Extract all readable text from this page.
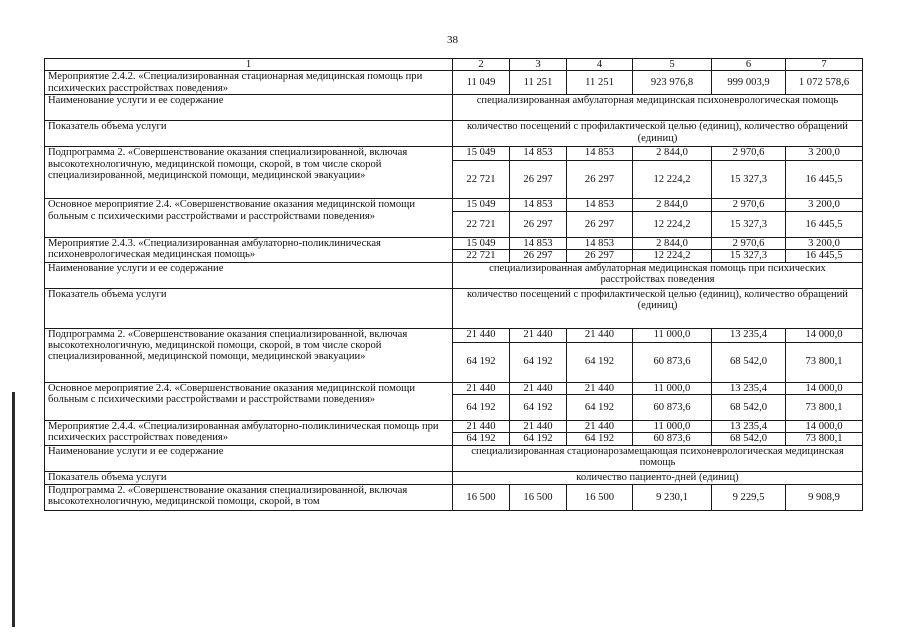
38
1	2	3	4	5	6	7
Мероприятие 2.4.2. «Специализированная стационарная медицинская помощь при психических расстройствах поведения»	11 049	11 251	11 251	923 976,8	999 003,9	1 072 578,6
Наименование услуги и ее содержание	специализированная амбулаторная медицинская психоневрологическая помощь					
Показатель объема услуги	количество посещений с профилактической целью (единиц), количество обращений (единиц)					
Подпрограмма 2. «Совершенствование оказания специализированной, включая высокотехнологичную, медицинской помощи, скорой, в том числе скорой специализированной, медицинской помощи, медицинской эвакуации»	15 049	14 853	14 853	2 844,0	2 970,6	3 200,0
	22 721	26 297	26 297	12 224,2	15 327,3	16 445,5
Основное мероприятие 2.4. «Совершенствование оказания медицинской помощи больным с психическими расстройствами и расстройствами поведения»	15 049	14 853	14 853	2 844,0	2 970,6	3 200,0
	22 721	26 297	26 297	12 224,2	15 327,3	16 445,5
Мероприятие 2.4.3. «Специализированная амбулаторно-поликлиническая психоневрологическая медицинская помощь»	15 049	14 853	14 853	2 844,0	2 970,6	3 200,0
	22 721	26 297	26 297	12 224,2	15 327,3	16 445,5
Наименование услуги и ее содержание	специализированная амбулаторная медицинская помощь при психических расстройствах поведения					
Показатель объема услуги	количество посещений с профилактической целью (единиц), количество обращений (единиц)					
Подпрограмма 2. «Совершенствование оказания специализированной, включая высокотехнологичную, медицинской помощи, скорой, в том числе скорой специализированной, медицинской помощи, медицинской эвакуации»	21 440	21 440	21 440	11 000,0	13 235,4	14 000,0
	64 192	64 192	64 192	60 873,6	68 542,0	73 800,1
Основное мероприятие 2.4. «Совершенствование оказания медицинской помощи больным с психическими расстройствами и расстройствами поведения»	21 440	21 440	21 440	11 000,0	13 235,4	14 000,0
	64 192	64 192	64 192	60 873,6	68 542,0	73 800,1
Мероприятие 2.4.4. «Специализированная амбулаторно-поликлиническая помощь при психических расстройствах поведения»	21 440	21 440	21 440	11 000,0	13 235,4	14 000,0
	64 192	64 192	64 192	60 873,6	68 542,0	73 800,1
Наименование услуги и ее содержание	специализированная стационарозамещающая психоневрологическая медицинская помощь					
Показатель объема услуги	количество пациенто-дней (единиц)					
Подпрограмма 2. «Совершенствование оказания специализированной, включая высокотехнологичную, медицинской помощи, скорой, в том	16 500	16 500	16 500	9 230,1	9 229,5	9 908,9
